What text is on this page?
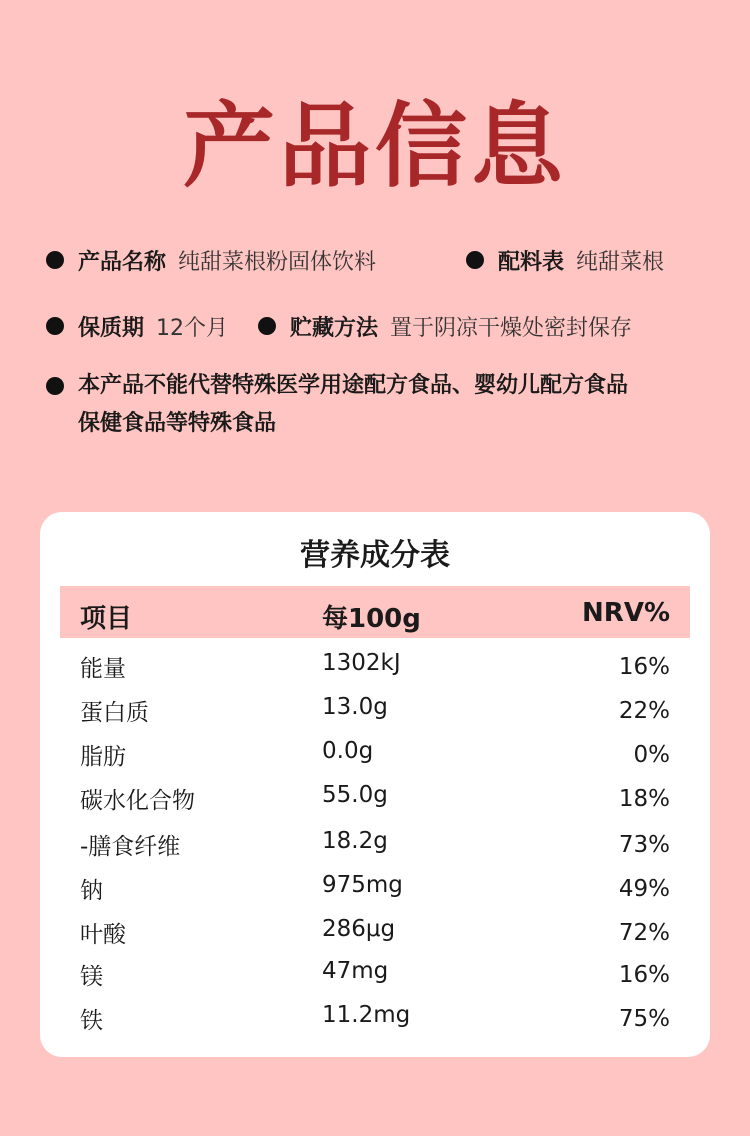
产品信息
产品名称 纯甜菜根粉固体饮料	配料表 纯甜菜根
保质期 12个月	贮藏方法 置于阴凉干燥处密封保存
本产品不能代替特殊医学用途配方食品、婴幼儿配方食品
保健食品等特殊食品
营养成分表
项目	每100g	NRV%
能量	1302kJ	16%
蛋白质	13.0g	22%
脂肪	0.0g	0%
碳水化合物	55.0g	18%
-膳食纤维	18.2g	73%
钠	975mg	49%
叶酸	286μg	72%
镁	47mg	16%
铁	11.2mg	75%
